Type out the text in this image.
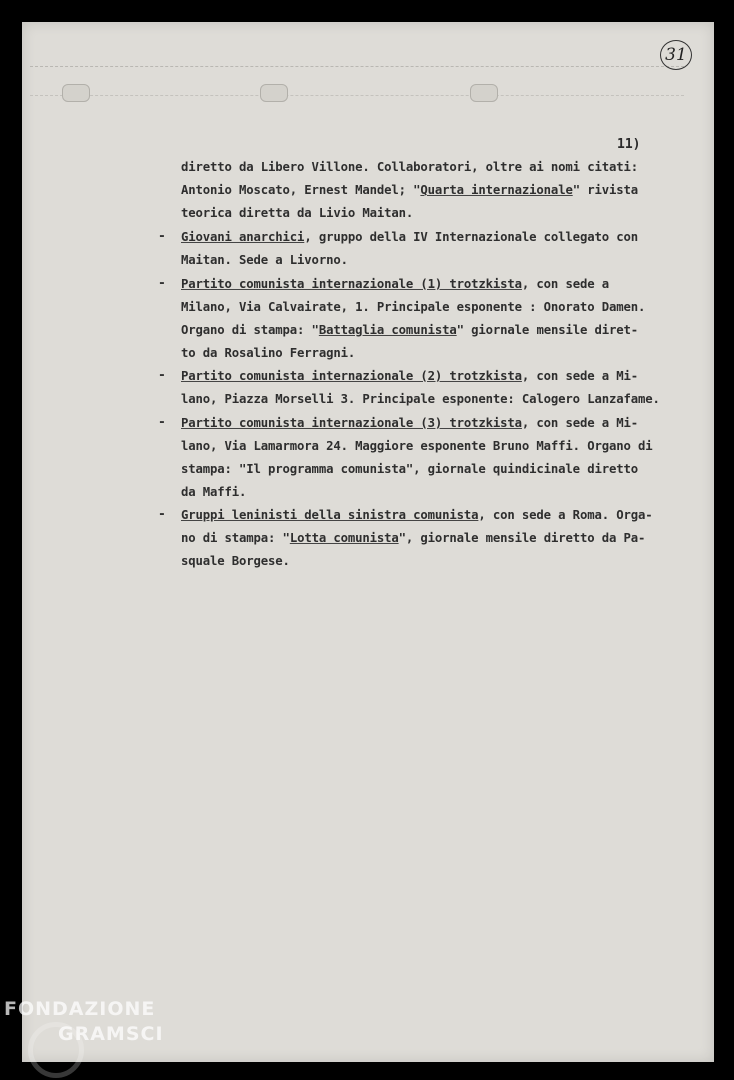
31
11)
diretto da Libero Villone. Collaboratori, oltre ai nomi citati:
Antonio Moscato, Ernest Mandel; "Quarta internazionale" rivista
teorica diretta da Livio Maitan.
- Giovani anarchici, gruppo della IV Internazionale collegato con
Maitan. Sede a Livorno.
- Partito comunista internazionale (1) trotzkista, con sede a
Milano, Via Calvairate, 1. Principale esponente : Onorato Damen.
Organo di stampa: "Battaglia comunista" giornale mensile diret-
to da Rosalino Ferragni.
- Partito comunista internazionale (2) trotzkista, con sede a Mi-
lano, Piazza Morselli 3. Principale esponente: Calogero Lanzafame.
- Partito comunista internazionale (3) trotzkista, con sede a Mi-
lano, Via Lamarmora 24. Maggiore esponente Bruno Maffi. Organo di
stampa: "Il programma comunista", giornale quindicinale diretto
da Maffi.
- Gruppi leninisti della sinistra comunista, con sede a Roma. Orga-
no di stampa: "Lotta comunista", giornale mensile diretto da Pa-
squale Borgese.
FONDAZIONE
GRAMSCI
